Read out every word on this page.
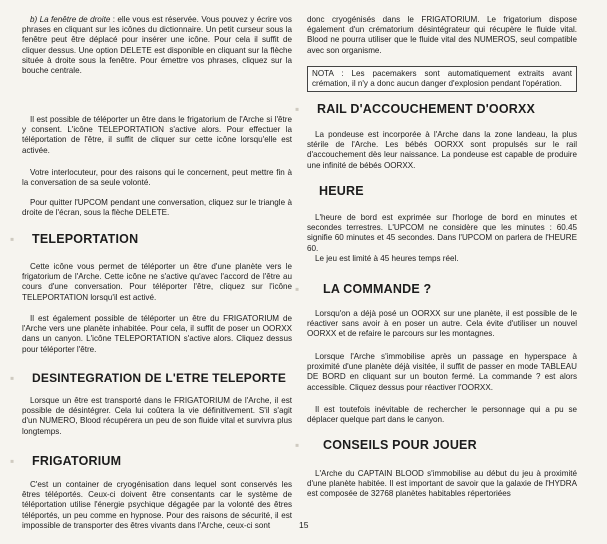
b) La fenêtre de droite : elle vous est réservée. Vous pouvez y écrire vos phrases en cliquant sur les icônes du dictionnaire. Un petit curseur sous la fenêtre peut être déplacé pour insérer une icône. Pour cela il suffit de cliquer dessus. Une option DELETE est disponible en cliquant sur la flèche située à droite sous la fenêtre. Pour émettre vos phrases, cliquez sur la bouche centrale.
Il est possible de téléporter un être dans le frigatorium de l'Arche si l'être y consent. L'icône TELEPORTATION s'active alors. Pour effectuer la téléportation de l'être, il suffit de cliquer sur cette icône lorsqu'elle est activée.
Votre interlocuteur, pour des raisons qui le concernent, peut mettre fin à la conversation de sa seule volonté.
Pour quitter l'UPCOM pendant une conversation, cliquez sur le triangle à droite de l'écran, sous la flèche DELETE.
▪ TELEPORTATION
Cette icône vous permet de téléporter un être d'une planète vers le frigatorium de l'Arche. Cette icône ne s'active qu'avec l'accord de l'être au cours d'une conversation. Pour téléporter l'être, cliquez sur l'icône TELEPORTATION lorsqu'il est activé.
Il est également possible de téléporter un être du FRIGATORIUM de l'Arche vers une planète inhabitée. Pour cela, il suffit de poser un OORXX dans un canyon. L'icône TELEPORTATION s'active alors. Cliquez dessus pour téléporter l'être.
▪ DESINTEGRATION DE L'ETRE TELEPORTE
Lorsque un être est transporté dans le FRIGATORIUM de l'Arche, il est possible de désintégrer. Cela lui coûtera la vie définitivement. S'il s'agit d'un NUMERO, Blood récupérera un peu de son fluide vital et survivra plus longtemps.
▪ FRIGATORIUM
C'est un container de cryogénisation dans lequel sont conservés les êtres téléportés. Ceux-ci doivent être consentants car le système de téléportation utilise l'énergie psychique dégagée par la volonté des êtres téléportés, un peu comme en hypnose. Pour des raisons de sécurité, il est impossible de transporter des êtres vivants dans l'Arche, ceux-ci sont
donc cryogénisés dans le FRIGATORIUM. Le frigatorium dispose également d'un crématorium désintégrateur qui récupère le fluide vital. Blood ne pourra utiliser que le fluide vital des NUMEROS, seul compatible avec son organisme.
NOTA : Les pacemakers sont automatiquement extraits avant crémation, il n'y a donc aucun danger d'explosion pendant l'opération.
▪ RAIL D'ACCOUCHEMENT D'OORXX
La pondeuse est incorporée à l'Arche dans la zone landeau, la plus stérile de l'Arche. Les bébés OORXX sont propulsés sur le rail d'accouchement dès leur naissance. La pondeuse est capable de produire une infinité de bébés OORXX.
HEURE
L'heure de bord est exprimée sur l'horloge de bord en minutes et secondes terrestres. L'UPCOM ne considère que les minutes : 60.45 signifie 60 minutes et 45 secondes. Dans l'UPCOM on parlera de l'HEURE 60.
Le jeu est limité à 45 heures temps réel.
▪ LA COMMANDE ?
Lorsqu'on a déjà posé un OORXX sur une planète, il est possible de le réactiver sans avoir à en poser un autre. Cela évite d'utiliser un nouvel OORXX et de refaire le parcours sur les montagnes.
Lorsque l'Arche s'immobilise après un passage en hyperspace à proximité d'une planète déjà visitée, il suffit de passer en mode TABLEAU DE BORD en cliquant sur un bouton fermé. La commande ? est alors accessible. Cliquez dessus pour réactiver l'OORXX.
Il est toutefois inévitable de rechercher le personnage qui a pu se déplacer quelque part dans le canyon.
▪ CONSEILS POUR JOUER
L'Arche du CAPTAIN BLOOD s'immobilise au début du jeu à proximité d'une planète habitée. Il est important de savoir que la galaxie de l'HYDRA est composée de 32768 planètes habitables répertoriées
15
